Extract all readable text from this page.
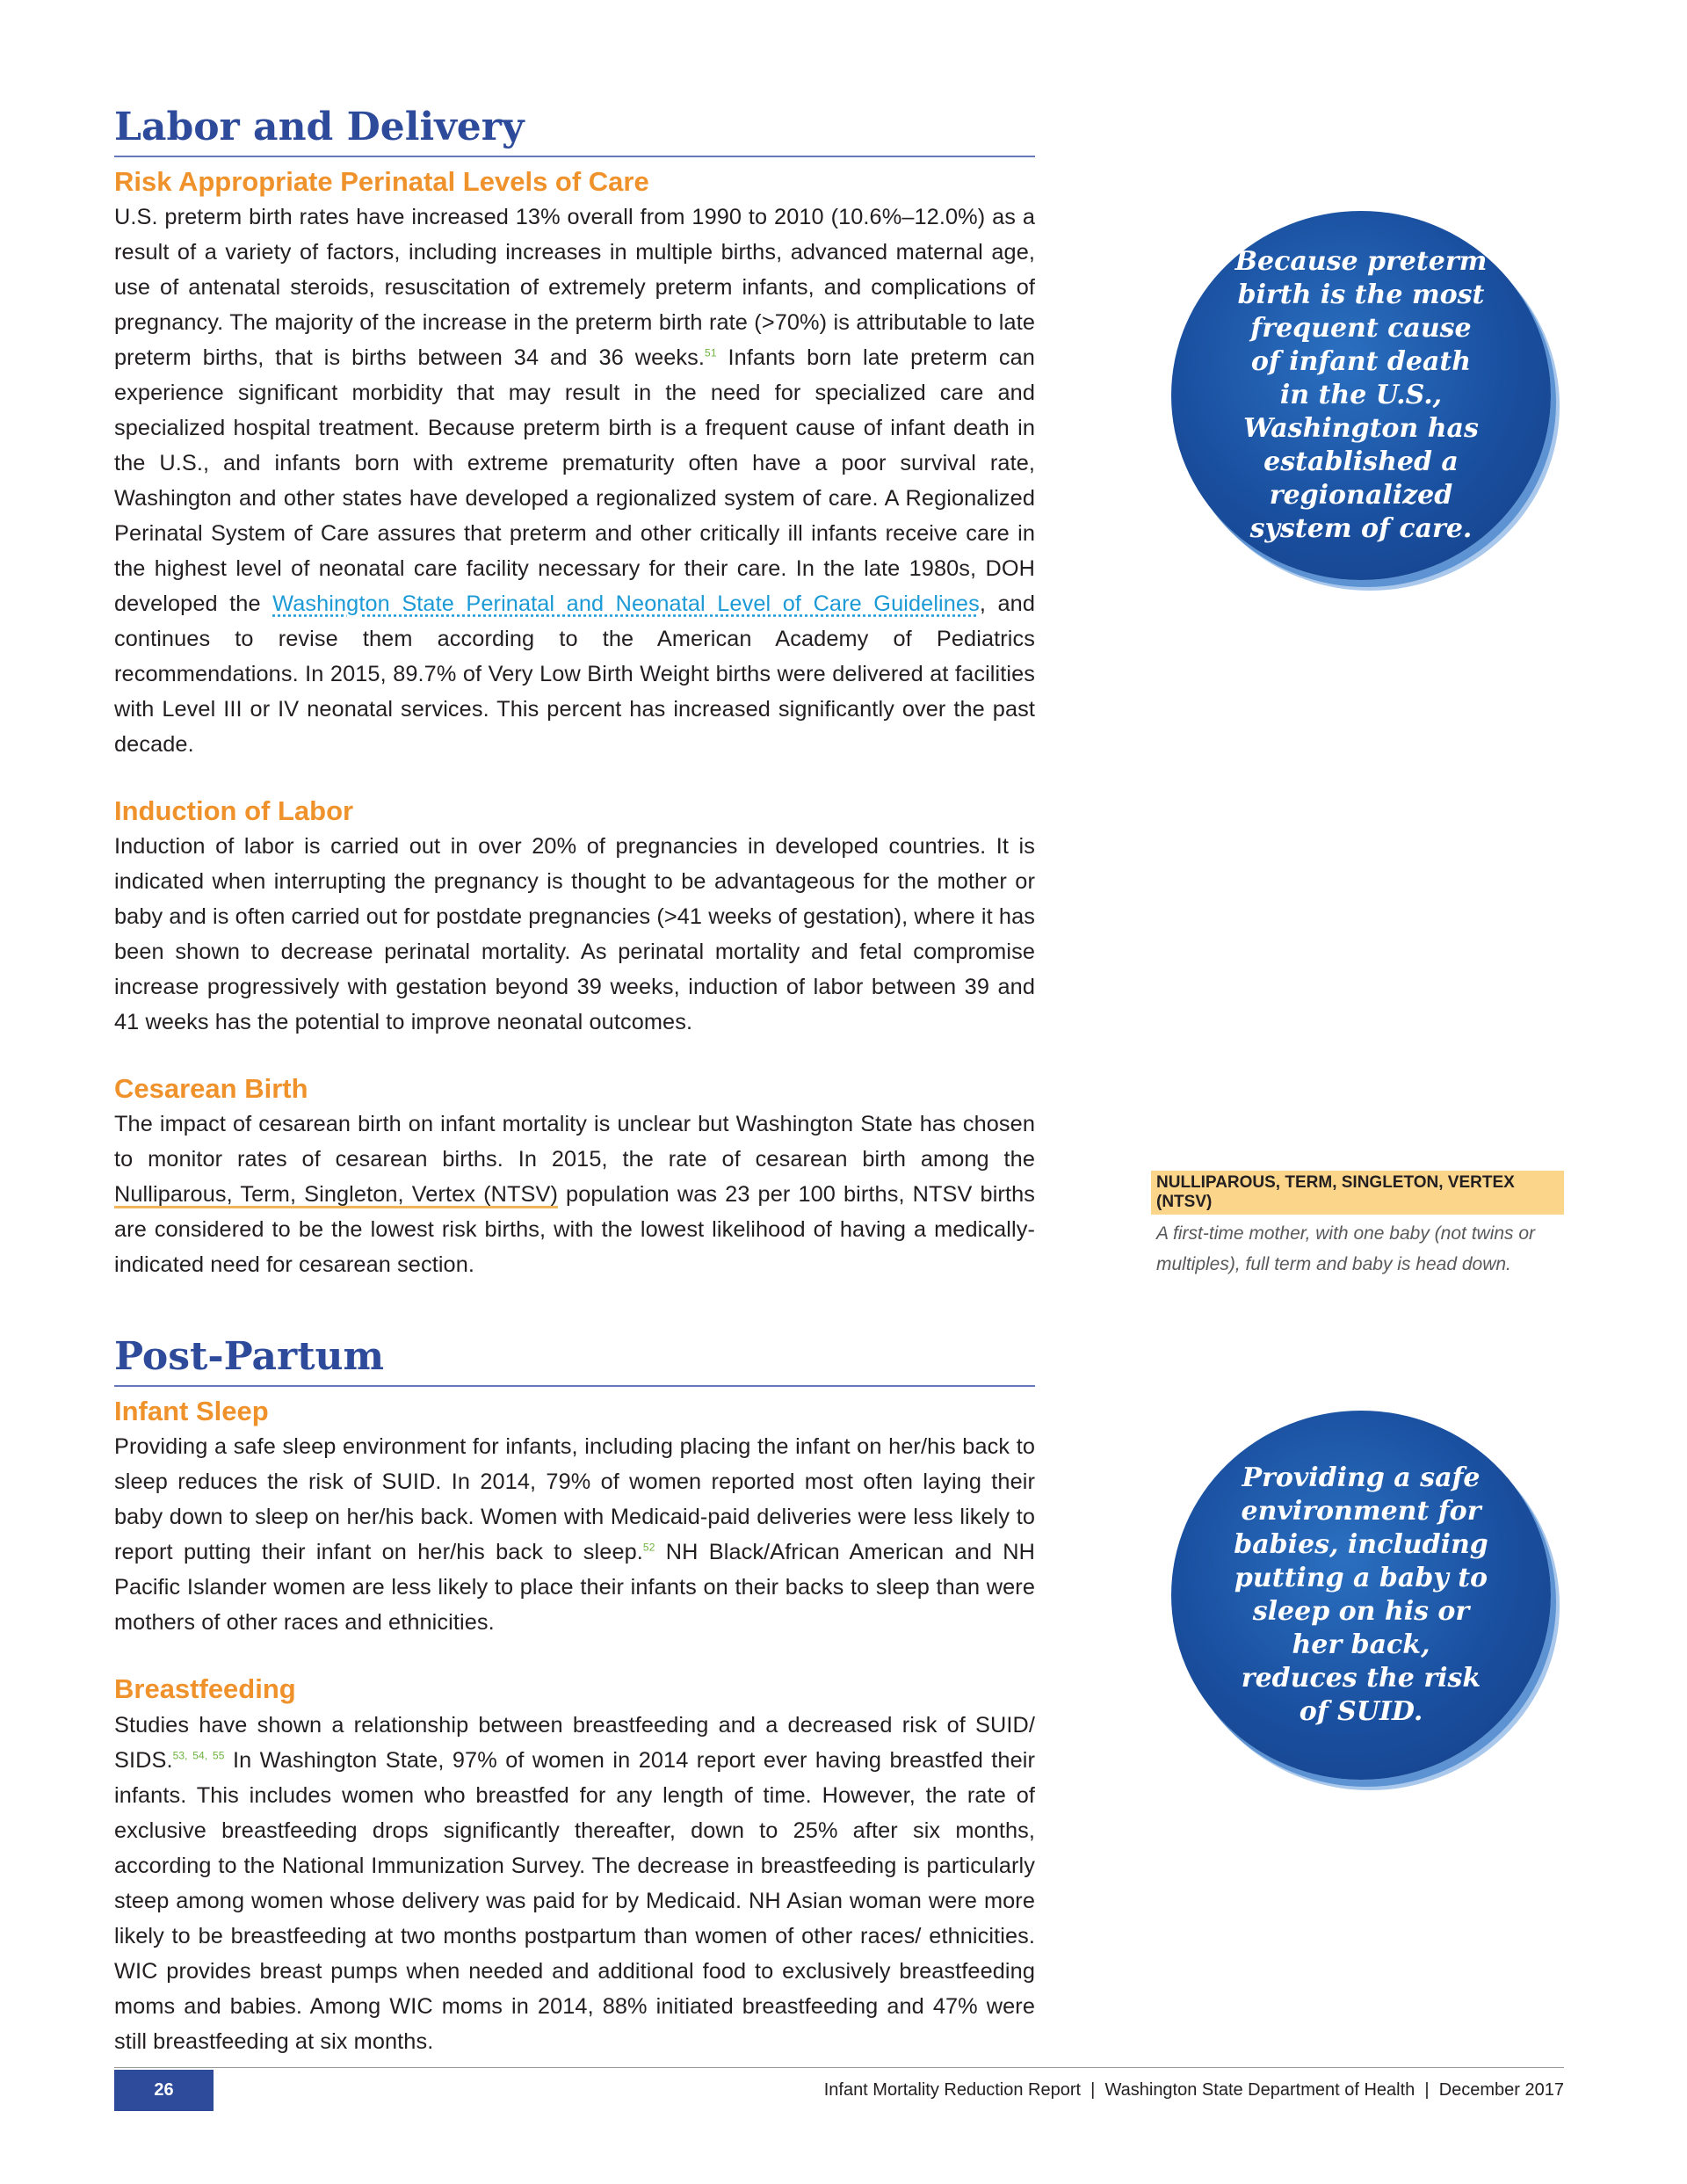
Labor and Delivery
Risk Appropriate Perinatal Levels of Care

U.S. preterm birth rates have increased 13% overall from 1990 to 2010 (10.6%–12.0%) as a result of a variety of factors, including increases in multiple births, advanced maternal age, use of antenatal steroids, resuscitation of extremely preterm infants, and complications of pregnancy. The majority of the increase in the preterm birth rate (>70%) is attributable to late preterm births, that is births between 34 and 36 weeks.$^{51}$ Infants born late preterm can experience significant morbidity that may result in the need for specialized care and specialized hospital treatment. Because preterm birth is a frequent cause of infant death in the U.S., and infants born with extreme prematurity often have a poor survival rate, Washington and other states have developed a regionalized system of care. A Regionalized Perinatal System of Care assures that preterm and other critically ill infants receive care in the highest level of neonatal care facility necessary for their care. In the late 1980s, DOH developed the Washington State Perinatal and Neonatal Level of Care Guidelines, and continues to revise them according to the American Academy of Pediatrics recommendations. In 2015, 89.7% of Very Low Birth Weight births were delivered at facilities with Level III or IV neonatal services. This percent has increased significantly over the past decade.

Induction of Labor

Induction of labor is carried out in over 20% of pregnancies in developed countries. It is indicated when interrupting the pregnancy is thought to be advantageous for the mother or baby and is often carried out for postdate pregnancies (>41 weeks of gestation), where it has been shown to decrease perinatal mortality. As perinatal mortality and fetal compromise increase progressively with gestation beyond 39 weeks, induction of labor between 39 and 41 weeks has the potential to improve neonatal outcomes.

Cesarean Birth

The impact of cesarean birth on infant mortality is unclear but Washington State has chosen to monitor rates of cesarean births. In 2015, the rate of cesarean birth among the Nulliparous, Term, Singleton, Vertex (NTSV) population was 23 per 100 births, NTSV births are considered to be the lowest risk births, with the lowest likelihood of having a medically-indicated need for cesarean section.

Post-Partum
Infant Sleep

Providing a safe sleep environment for infants, including placing the infant on her/his back to sleep reduces the risk of SUID. In 2014, 79% of women reported most often laying their baby down to sleep on her/his back. Women with Medicaid-paid deliveries were less likely to report putting their infant on her/his back to sleep.$^{52}$ NH Black/African American and NH Pacific Islander women are less likely to place their infants on their backs to sleep than were mothers of other races and ethnicities.

Breastfeeding

Studies have shown a relationship between breastfeeding and a decreased risk of SUID/ SIDS.$^{53, 54, 55}$ In Washington State, 97% of women in 2014 report ever having breastfed their infants. This includes women who breastfed for any length of time. However, the rate of exclusive breastfeeding drops significantly thereafter, down to 25% after six months, according to the National Immunization Survey. The decrease in breastfeeding is particularly steep among women whose delivery was paid for by Medicaid. NH Asian woman were more likely to be breastfeeding at two months postpartum than women of other races/ ethnicities. WIC provides breast pumps when needed and additional food to exclusively breastfeeding moms and babies. Among WIC moms in 2014, 88% initiated breastfeeding and 47% were still breastfeeding at six months.

Because preterm birth is the most frequent cause of infant death in the U.S., Washington has established a regionalized system of care.
NULLIPAROUS, TERM, SINGLETON, VERTEX (NTSV)
A first-time mother, with one baby (not twins or multiples), full term and baby is head down.
Providing a safe environment for babies, including putting a baby to sleep on his or her back, reduces the risk of SUID.
26	Infant Mortality Reduction Report  |  Washington State Department of Health  |  December 2017
